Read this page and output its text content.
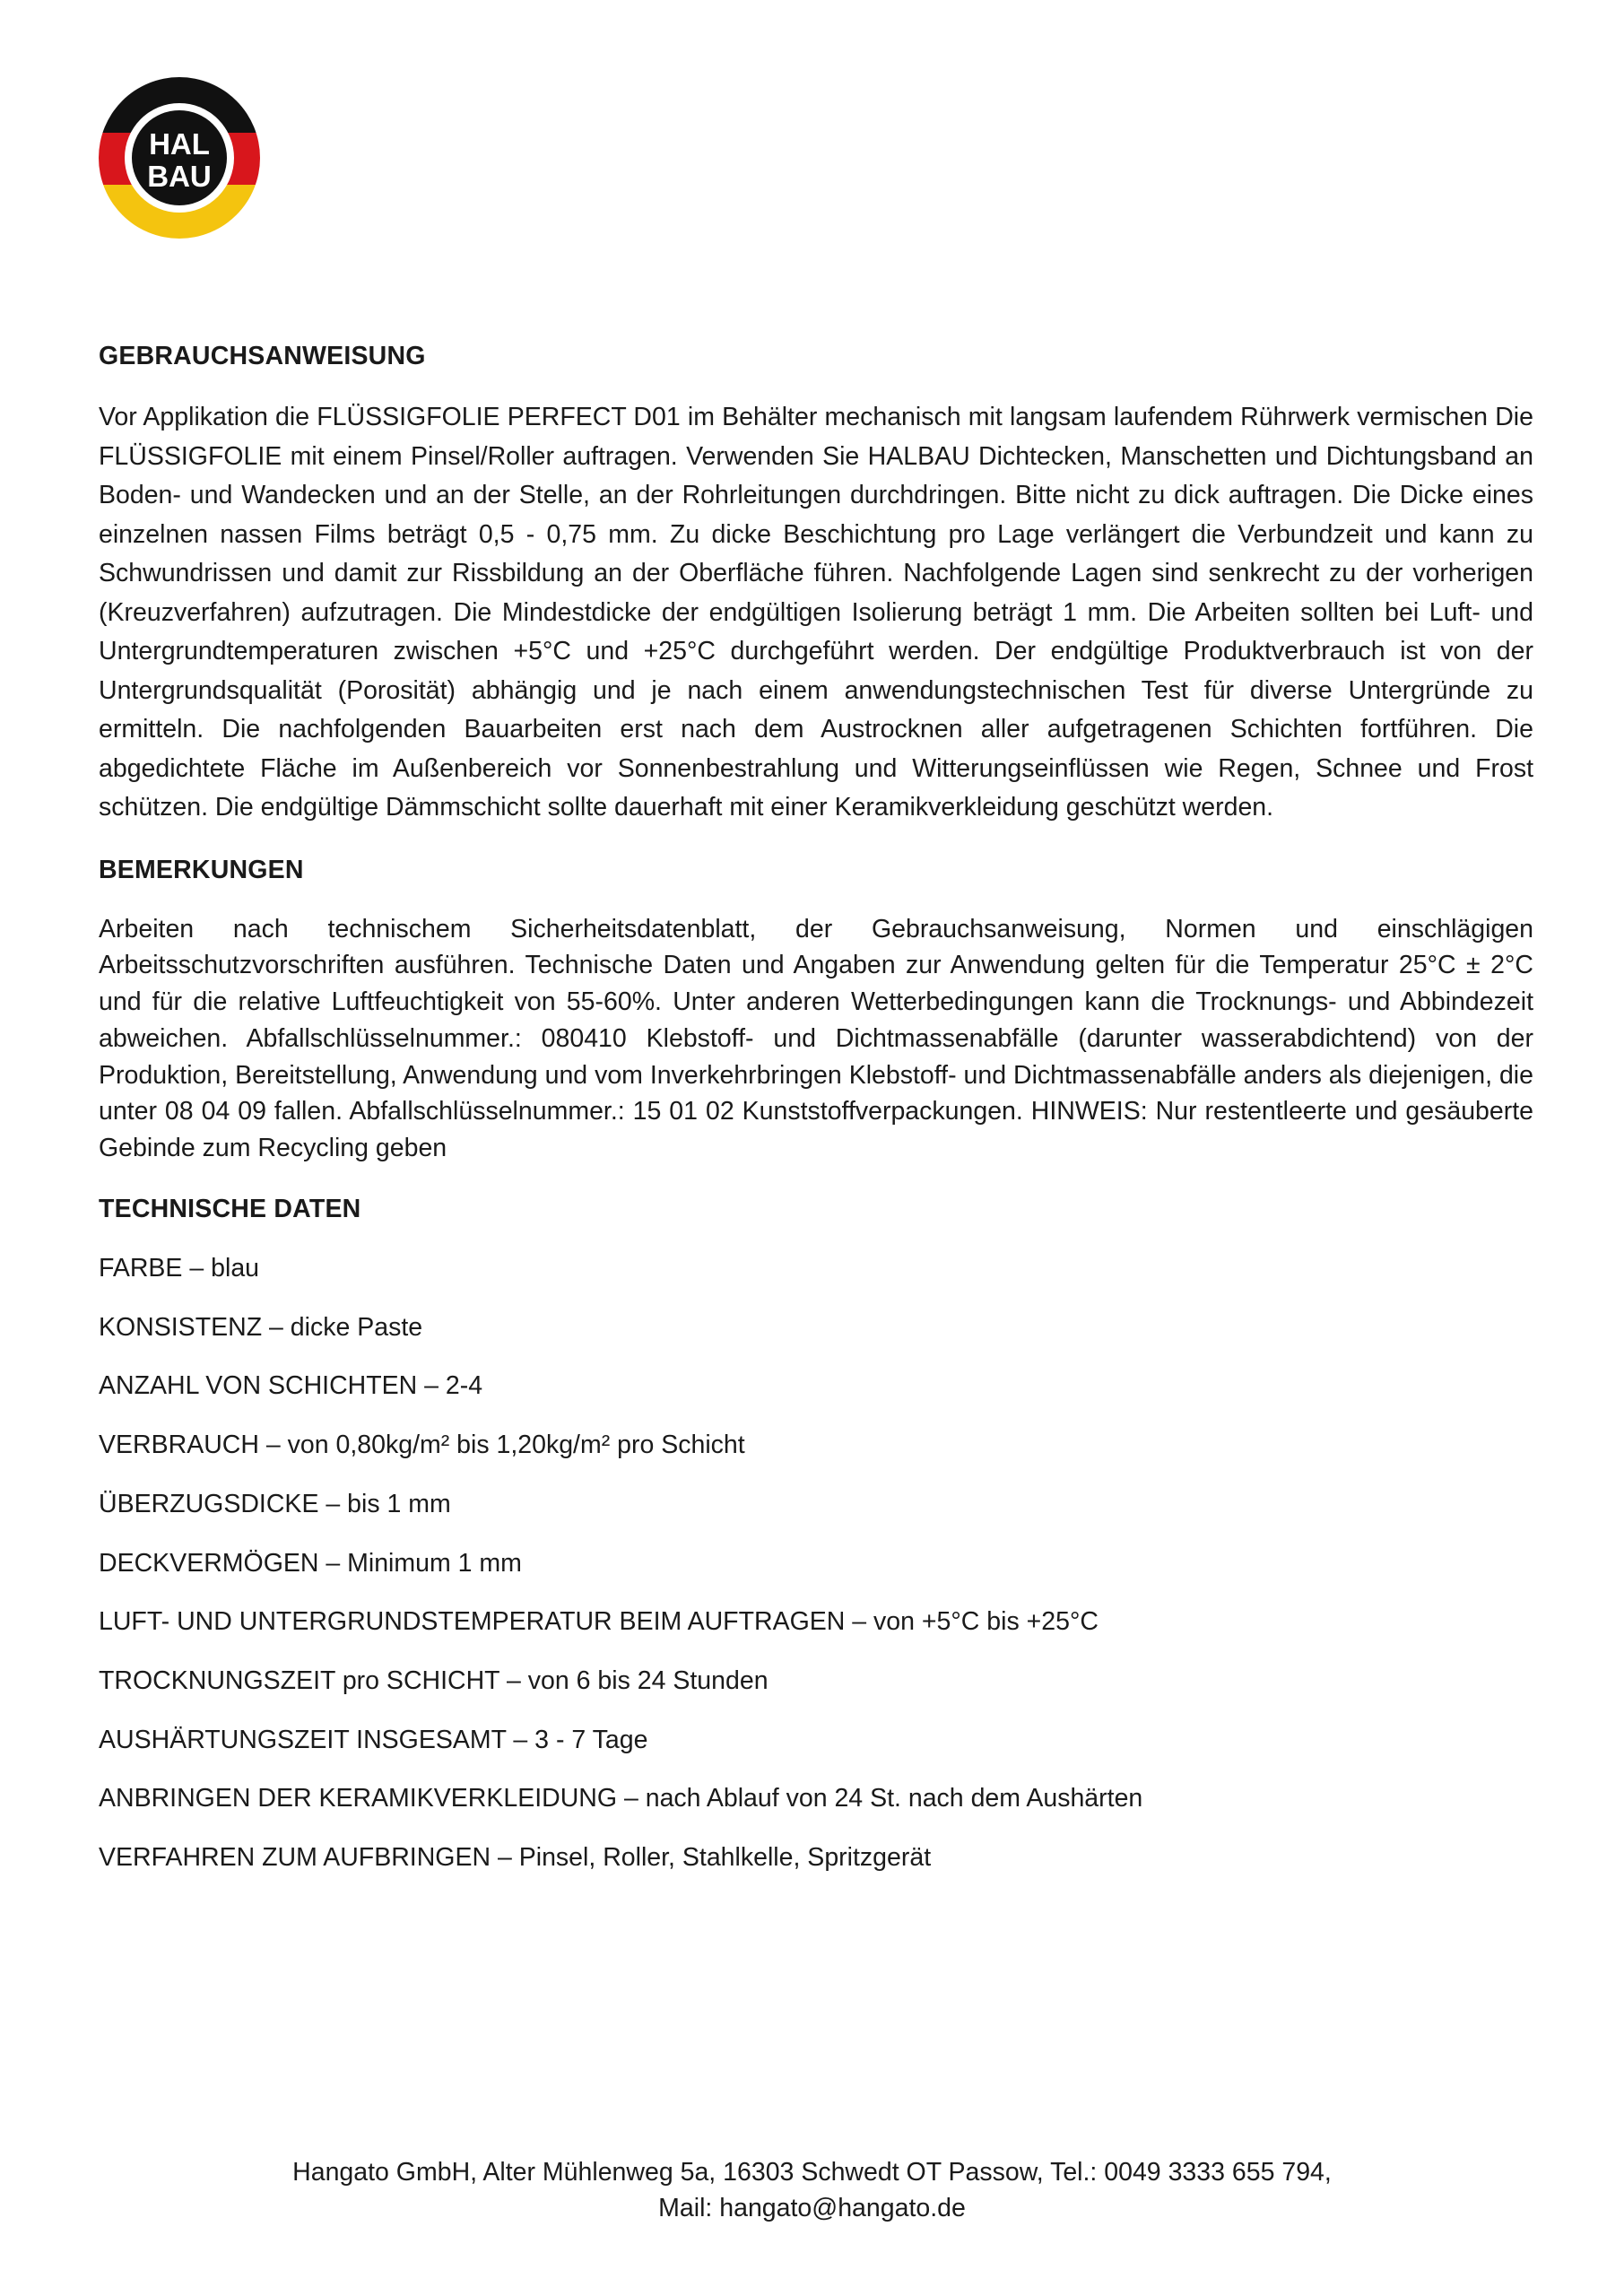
HAL
BAU
GEBRAUCHSANWEISUNG

Vor Applikation die FLÜSSIGFOLIE PERFECT D01 im Behälter mechanisch mit langsam laufendem Rührwerk vermischen Die FLÜSSIGFOLIE mit einem Pinsel/Roller auftragen. Verwenden Sie HALBAU Dichtecken, Manschetten und Dichtungsband an Boden- und Wandecken und an der Stelle, an der Rohrleitungen durchdringen. Bitte nicht zu dick auftragen. Die Dicke eines einzelnen nassen Films beträgt 0,5 - 0,75 mm. Zu dicke Beschichtung pro Lage verlängert die Verbundzeit und kann zu Schwundrissen und damit zur Rissbildung an der Oberfläche führen. Nachfolgende Lagen sind senkrecht zu der vorherigen (Kreuzverfahren) aufzutragen. Die Mindestdicke der endgültigen Isolierung beträgt 1 mm. Die Arbeiten sollten bei Luft- und Untergrundtemperaturen zwischen +5°C und +25°C durchgeführt werden. Der endgültige Produktverbrauch ist von der Untergrundsqualität (Porosität) abhängig und je nach einem anwendungstechnischen Test für diverse Untergründe zu ermitteln. Die nachfolgenden Bauarbeiten erst nach dem Austrocknen aller aufgetragenen Schichten fortführen. Die abgedichtete Fläche im Außenbereich vor Sonnenbestrahlung und Witterungseinflüssen wie Regen, Schnee und Frost schützen. Die endgültige Dämmschicht sollte dauerhaft mit einer Keramikverkleidung geschützt werden.

BEMERKUNGEN

Arbeiten nach technischem Sicherheitsdatenblatt, der Gebrauchsanweisung, Normen und einschlägigen Arbeitsschutzvorschriften ausführen. Technische Daten und Angaben zur Anwendung gelten für die Temperatur 25°C ± 2°C und für die relative Luftfeuchtigkeit von 55-60%. Unter anderen Wetterbedingungen kann die Trocknungs- und Abbindezeit abweichen. Abfallschlüsselnummer.: 080410 Klebstoff- und Dichtmassenabfälle (darunter wasserabdichtend) von der Produktion, Bereitstellung, Anwendung und vom Inverkehrbringen Klebstoff- und Dichtmassenabfälle anders als diejenigen, die unter 08 04 09 fallen. Abfallschlüsselnummer.: 15 01 02 Kunststoffverpackungen. HINWEIS: Nur restentleerte und gesäuberte Gebinde zum Recycling geben

TECHNISCHE DATEN
FARBE – blau
KONSISTENZ – dicke Paste
ANZAHL VON SCHICHTEN – 2-4
VERBRAUCH – von 0,80kg/m² bis 1,20kg/m² pro Schicht
ÜBERZUGSDICKE – bis 1 mm
DECKVERMÖGEN – Minimum 1 mm
LUFT- UND UNTERGRUNDSTEMPERATUR BEIM AUFTRAGEN – von +5°C bis +25°C
TROCKNUNGSZEIT pro SCHICHT – von 6 bis 24 Stunden
AUSHÄRTUNGSZEIT INSGESAMT – 3 - 7 Tage
ANBRINGEN DER KERAMIKVERKLEIDUNG – nach Ablauf von 24 St. nach dem Aushärten
VERFAHREN ZUM AUFBRINGEN – Pinsel, Roller, Stahlkelle, Spritzgerät
Hangato GmbH, Alter Mühlenweg 5a, 16303 Schwedt OT Passow, Tel.: 0049 3333 655 794,
Mail: hangato@hangato.de
